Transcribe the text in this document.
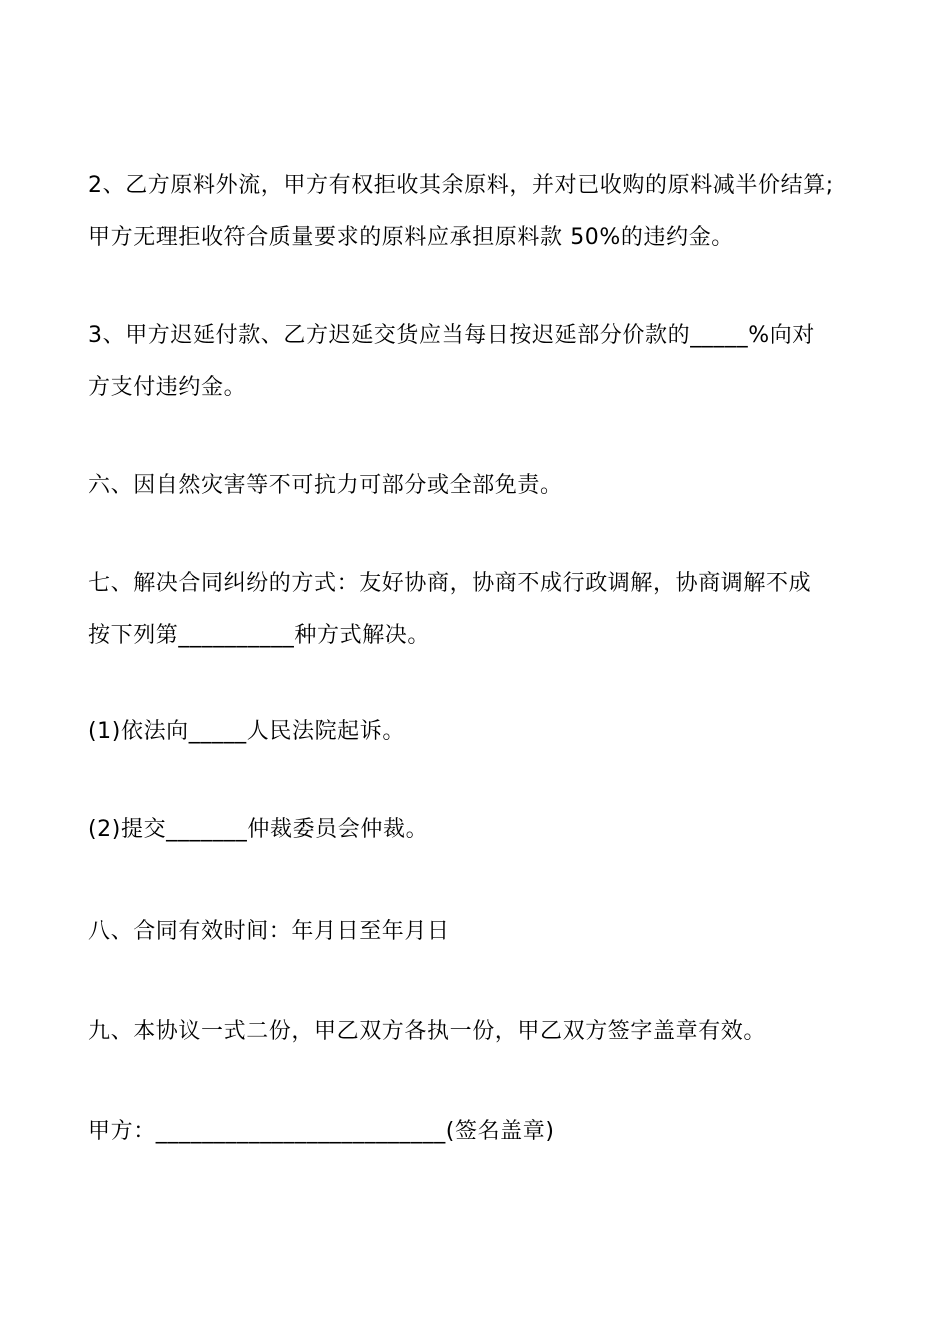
2、乙方原料外流，甲方有权拒收其余原料，并对已收购的原料减半价结算;
甲方无理拒收符合质量要求的原料应承担原料款 50%的违约金。
3、甲方迟延付款、乙方迟延交货应当每日按迟延部分价款的_____%向对
方支付违约金。
六、因自然灾害等不可抗力可部分或全部免责。
七、解决合同纠纷的方式：友好协商，协商不成行政调解，协商调解不成
按下列第__________种方式解决。
(1)依法向_____人民法院起诉。
(2)提交_______仲裁委员会仲裁。
八、合同有效时间：年月日至年月日
九、本协议一式二份，甲乙双方各执一份，甲乙双方签字盖章有效。
甲方：_________________________(签名盖章)
